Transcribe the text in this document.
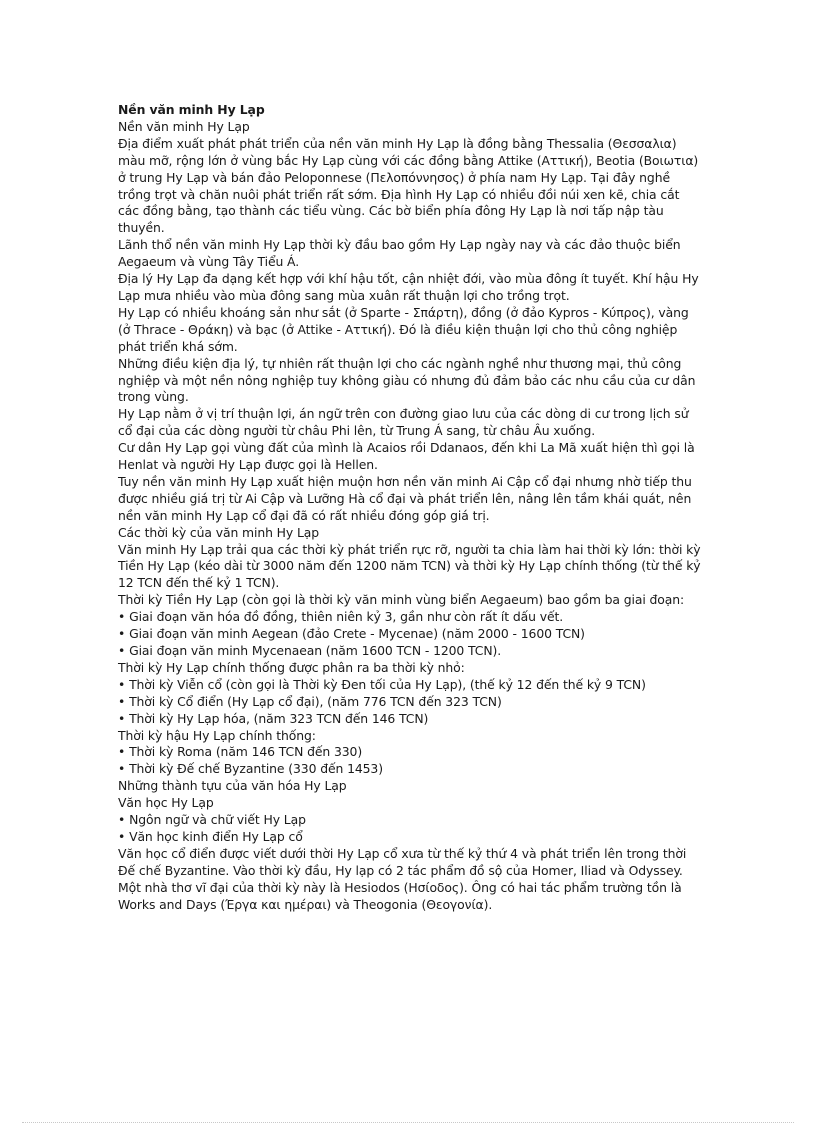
Nền văn minh Hy Lạp

Nền văn minh Hy Lạp

Địa điểm xuất phát phát triển của nền văn minh Hy Lạp là đồng bằng Thessalia (Θεσσαλια) màu mỡ, rộng lớn ở vùng bắc Hy Lạp cùng với các đồng bằng Attike (Αττική), Beotia (Βοιωτια) ở trung Hy Lạp và bán đảo Peloponnese (Πελοπόννησος) ở phía nam Hy Lạp. Tại đây nghề trồng trọt và chăn nuôi phát triển rất sớm. Địa hình Hy Lạp có nhiều đồi núi xen kẽ, chia cắt các đồng bằng, tạo thành các tiểu vùng. Các bờ biển phía đông Hy Lạp là nơi tấp nập tàu thuyền.

Lãnh thổ nền văn minh Hy Lạp thời kỳ đầu bao gồm Hy Lạp ngày nay và các đảo thuộc biển Aegaeum và vùng Tây Tiểu Á.

Địa lý Hy Lạp đa dạng kết hợp với khí hậu tốt, cận nhiệt đới, vào mùa đông ít tuyết. Khí hậu Hy Lạp mưa nhiều vào mùa đông sang mùa xuân rất thuận lợi cho trồng trọt.

Hy Lạp có nhiều khoáng sản như sắt (ở Sparte - Σπάρτη), đồng (ở đảo Kypros - Κύπρος), vàng (ở Thrace - Θράκη) và bạc (ở Attike - Αττική). Đó là điều kiện thuận lợi cho thủ công nghiệp phát triển khá sớm.

Những điều kiện địa lý, tự nhiên rất thuận lợi cho các ngành nghề như thương mại, thủ công nghiệp và một nền nông nghiệp tuy không giàu có nhưng đủ đảm bảo các nhu cầu của cư dân trong vùng.

Hy Lạp nằm ở vị trí thuận lợi, án ngữ trên con đường giao lưu của các dòng di cư trong lịch sử cổ đại của các dòng người từ châu Phi lên, từ Trung Á sang, từ châu Âu xuống.

Cư dân Hy Lạp gọi vùng đất của mình là Acaios rồi Ddanaos, đến khi La Mã xuất hiện thì gọi là Henlat và người Hy Lạp được gọi là Hellen.

Tuy nền văn minh Hy Lạp xuất hiện muộn hơn nền văn minh Ai Cập cổ đại nhưng nhờ tiếp thu được nhiều giá trị từ Ai Cập và Lưỡng Hà cổ đại và phát triển lên, nâng lên tầm khái quát, nên nền văn minh Hy Lạp cổ đại đã có rất nhiều đóng góp giá trị.

Các thời kỳ của văn minh Hy Lạp

Văn minh Hy Lạp trải qua các thời kỳ phát triển rực rỡ, người ta chia làm hai thời kỳ lớn: thời kỳ Tiền Hy Lạp (kéo dài từ 3000 năm đến 1200 năm TCN) và thời kỳ Hy Lạp chính thống (từ thế kỷ 12 TCN đến thế kỷ 1 TCN).

Thời kỳ Tiền Hy Lạp (còn gọi là thời kỳ văn minh vùng biển Aegaeum) bao gồm ba giai đoạn:

• Giai đoạn văn hóa đồ đồng, thiên niên kỷ 3, gần như còn rất ít dấu vết.

• Giai đoạn văn minh Aegean (đảo Crete - Mycenae) (năm 2000 - 1600 TCN)

• Giai đoạn văn minh Mycenaean (năm 1600 TCN - 1200 TCN).

Thời kỳ Hy Lạp chính thống được phân ra ba thời kỳ nhỏ:

• Thời kỳ Viễn cổ (còn gọi là Thời kỳ Đen tối của Hy Lạp), (thế kỷ 12 đến thế kỷ 9 TCN)

• Thời kỳ Cổ điển (Hy Lạp cổ đại), (năm 776 TCN đến 323 TCN)

• Thời kỳ Hy Lạp hóa, (năm 323 TCN đến 146 TCN)

Thời kỳ hậu Hy Lạp chính thống:

• Thời kỳ Roma (năm 146 TCN đến 330)

• Thời kỳ Đế chế Byzantine (330 đến 1453)

Những thành tựu của văn hóa Hy Lạp

Văn học Hy Lạp

• Ngôn ngữ và chữ viết Hy Lạp

• Văn học kinh điển Hy Lạp cổ

Văn học cổ điển được viết dưới thời Hy Lạp cổ xưa từ thế kỷ thứ 4 và phát triển lên trong thời Đế chế Byzantine. Vào thời kỳ đầu, Hy lạp có 2 tác phẩm đồ sộ của Homer, Iliad và Odyssey. Một nhà thơ vĩ đại của thời kỳ này là Hesiodos (Ησίοδος). Ông có hai tác phẩm trường tồn là Works and Days (Έργα και ημέραι) và Theogonia (Θεογονία).
